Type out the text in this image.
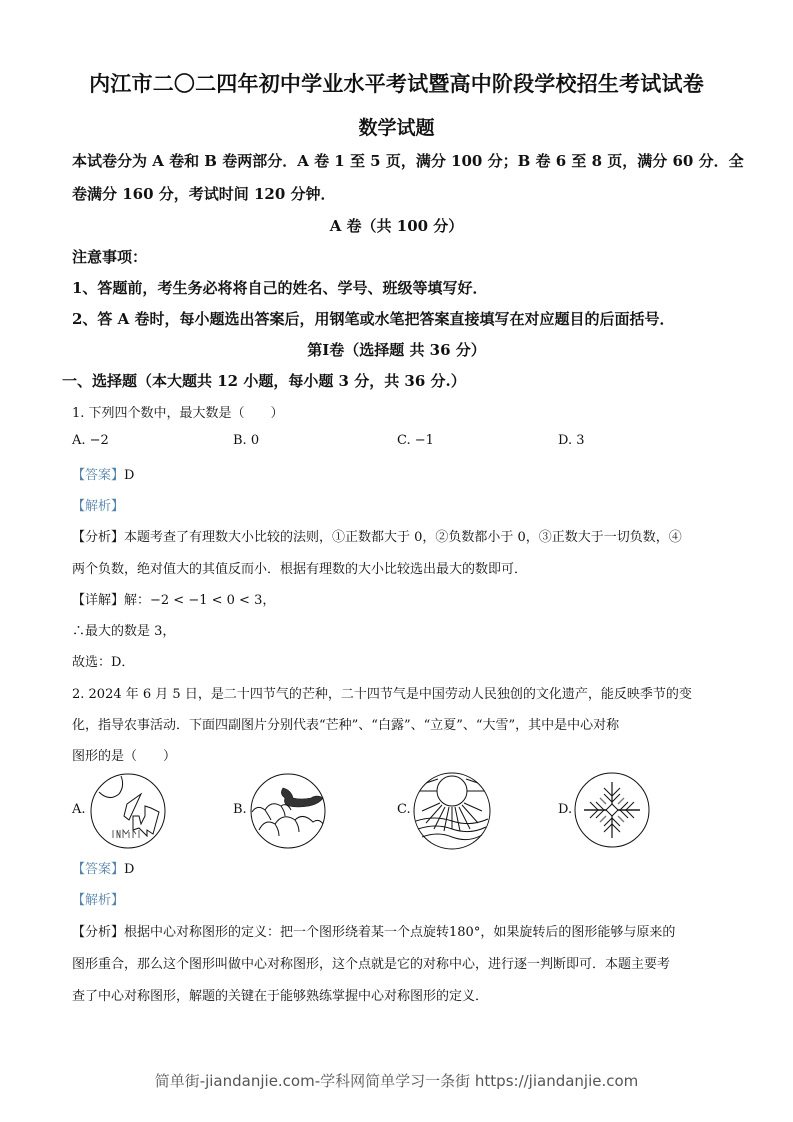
内江市二〇二四年初中学业水平考试暨高中阶段学校招生考试试卷
数学试题
本试卷分为 A 卷和 B 卷两部分．A 卷 1 至 5 页，满分 100 分；B 卷 6 至 8 页，满分 60 分．全
卷满分 160 分，考试时间 120 分钟．
A 卷（共 100 分）
注意事项：
1、答题前，考生务必将将自己的姓名、学号、班级等填写好．
2、答 A 卷时，每小题选出答案后，用钢笔或水笔把答案直接填写在对应题目的后面括号．
第Ⅰ卷（选择题 共 36 分）
一、选择题（本大题共 12 小题，每小题 3 分，共 36 分.）
1. 下列四个数中，最大数是（　　）
A. −2	B. 0	C. −1	D. 3
【答案】D
【解析】
【分析】本题考查了有理数大小比较的法则，①正数都大于 0，②负数都小于 0，③正数大于一切负数，④
两个负数，绝对值大的其值反而小．根据有理数的大小比较选出最大的数即可．
【详解】解：−2 < −1 < 0 < 3，
∴最大的数是 3，
故选：D．
2. 2024 年 6 月 5 日，是二十四节气的芒种，二十四节气是中国劳动人民独创的文化遗产，能反映季节的变
化，指导农事活动．下面四副图片分别代表“芒种”、“白露”、“立夏”、“大雪”，其中是中心对称
图形的是（　　）
A.	B.	C.	D.
【答案】D
【解析】
【分析】根据中心对称图形的定义：把一个图形绕着某一个点旋转180°，如果旋转后的图形能够与原来的
图形重合，那么这个图形叫做中心对称图形，这个点就是它的对称中心，进行逐一判断即可．本题主要考
查了中心对称图形，解题的关键在于能够熟练掌握中心对称图形的定义．
简单街-jiandanjie.com-学科网简单学习一条街 https://jiandanjie.com
